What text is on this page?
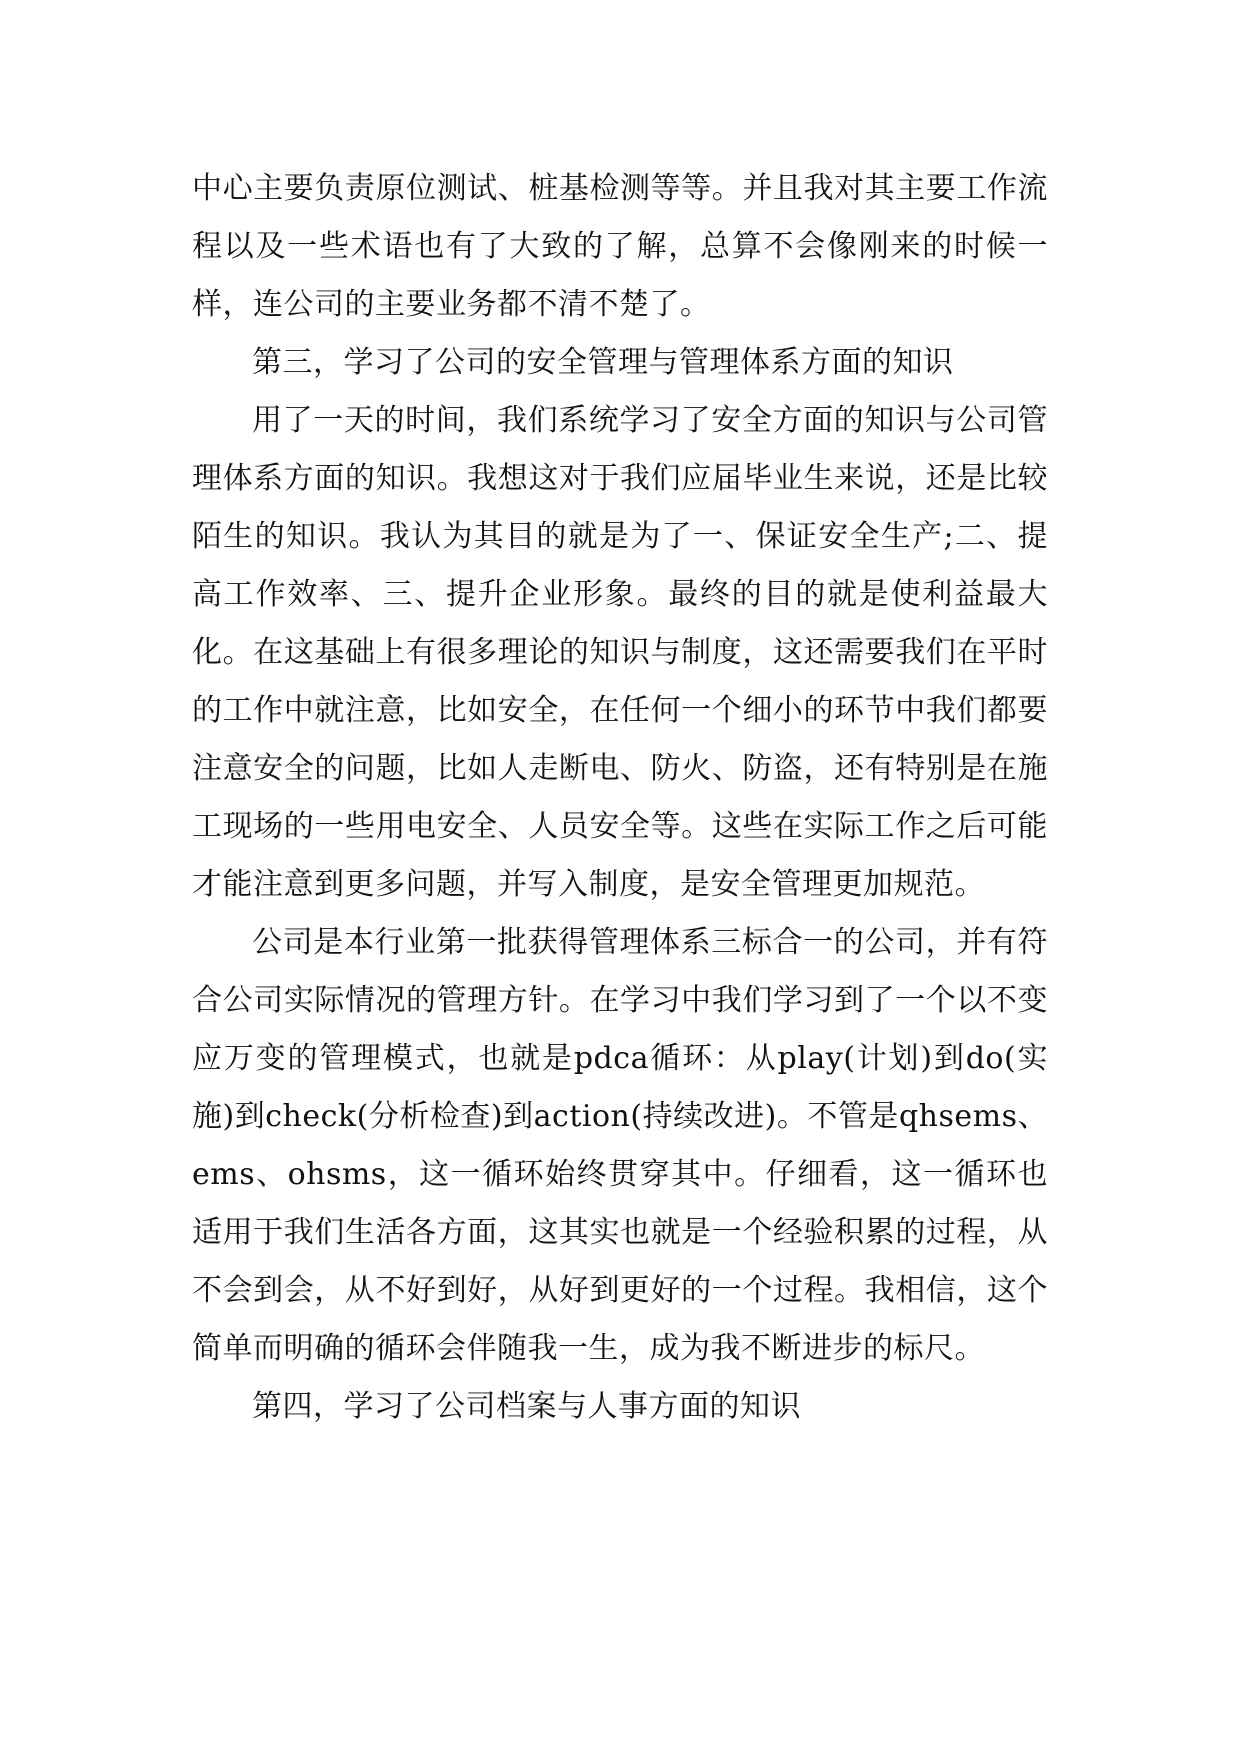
中心主要负责原位测试、桩基检测等等。并且我对其主要工作流程以及一些术语也有了大致的了解，总算不会像刚来的时候一样，连公司的主要业务都不清不楚了。

第三，学习了公司的安全管理与管理体系方面的知识

用了一天的时间，我们系统学习了安全方面的知识与公司管理体系方面的知识。我想这对于我们应届毕业生来说，还是比较陌生的知识。我认为其目的就是为了一、保证安全生产;二、提高工作效率、三、提升企业形象。最终的目的就是使利益最大化。在这基础上有很多理论的知识与制度，这还需要我们在平时的工作中就注意，比如安全，在任何一个细小的环节中我们都要注意安全的问题，比如人走断电、防火、防盗，还有特别是在施工现场的一些用电安全、人员安全等。这些在实际工作之后可能才能注意到更多问题，并写入制度，是安全管理更加规范。

公司是本行业第一批获得管理体系三标合一的公司，并有符合公司实际情况的管理方针。在学习中我们学习到了一个以不变应万变的管理模式，也就是pdca循环：从play(计划)到do(实施)到check(分析检查)到action(持续改进)。不管是qhsems、ems、ohsms，这一循环始终贯穿其中。仔细看，这一循环也适用于我们生活各方面，这其实也就是一个经验积累的过程，从不会到会，从不好到好，从好到更好的一个过程。我相信，这个简单而明确的循环会伴随我一生，成为我不断进步的标尺。

第四，学习了公司档案与人事方面的知识
